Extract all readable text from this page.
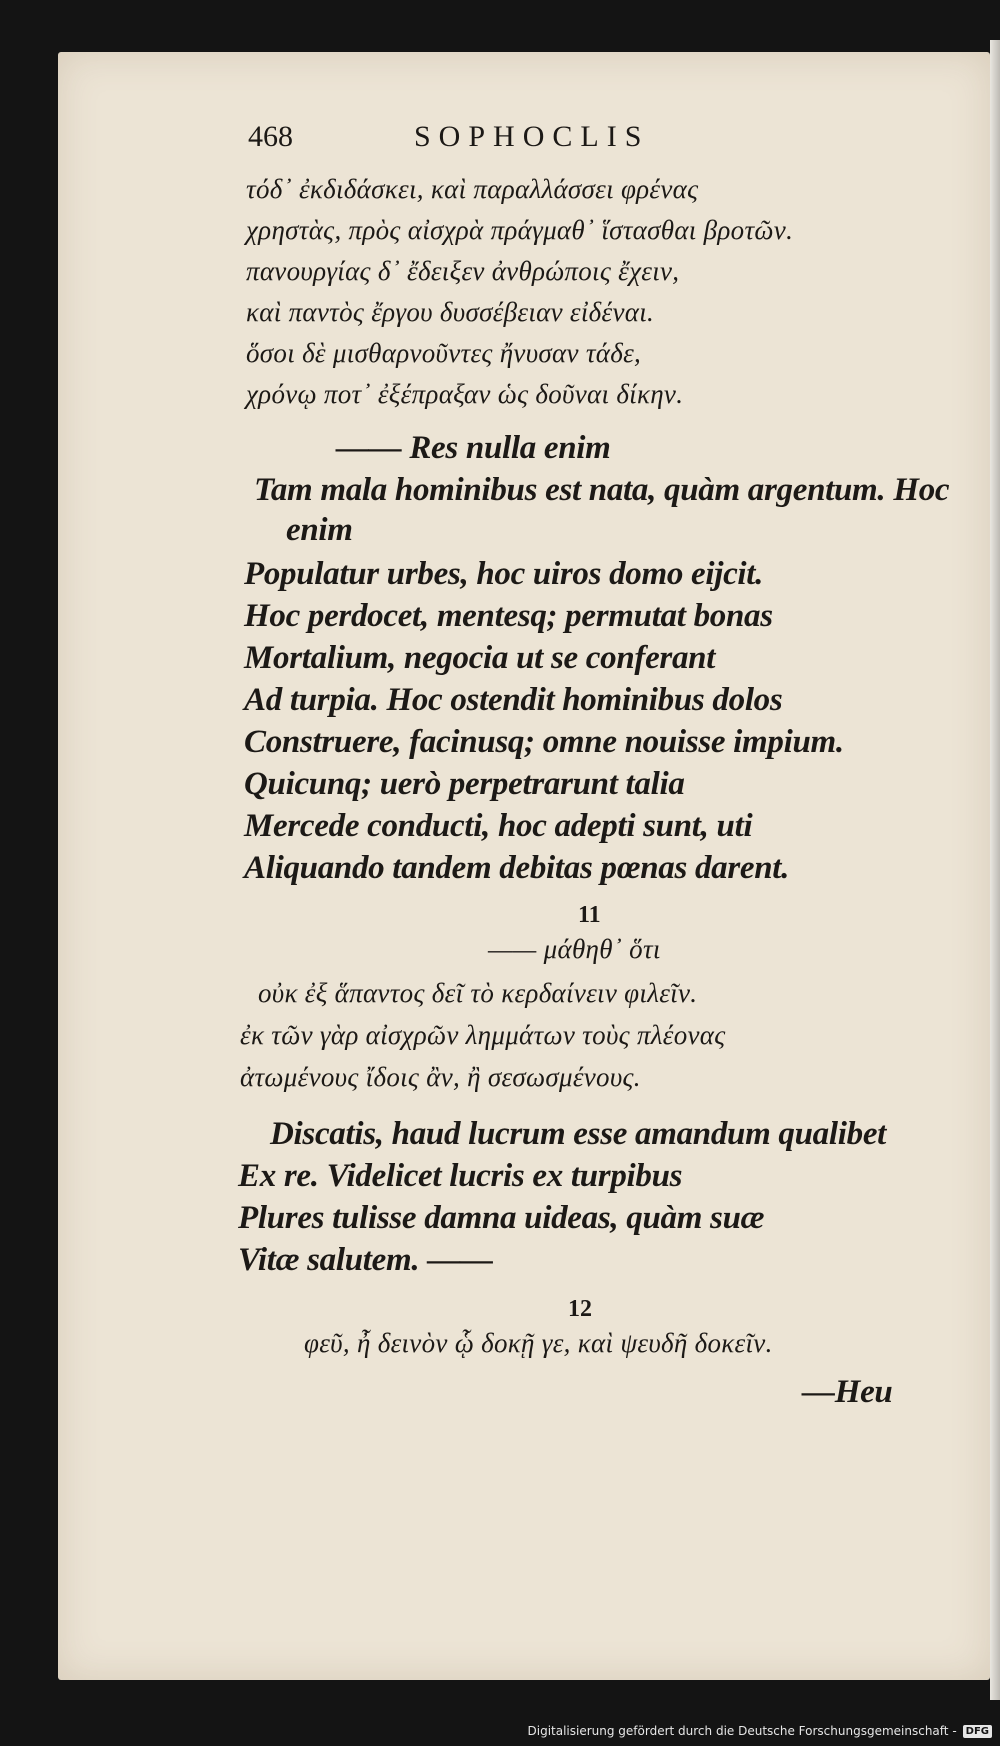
468	SOPHOCLIS
τόδ᾽ ἐκδιδάσκει, καὶ παραλλάσσει φρένας
χρηστὰς, πρὸς αἰσχρὰ πράγμαθ᾽ ἵστασθαι βροτῶν.
πανουργίας δ᾽ ἔδειξεν ἀνθρώποις ἔχειν,
καὶ παντὸς ἔργου δυσσέβειαν εἰδέναι.
ὅσοι δὲ μισθαρνοῦντες ἤνυσαν τάδε,
χρόνῳ ποτ᾽ ἐξέπραξαν ὡς δοῦναι δίκην.
—— Res nulla enim
Tam mala hominibus est nata, quàm argentum. Hoc
enim
Populatur urbes, hoc uiros domo eijcit.
Hoc perdocet, mentesq; permutat bonas
Mortalium, negocia ut se conferant
Ad turpia. Hoc ostendit hominibus dolos
Construere, facinusq; omne nouisse impium.
Quicunq; uerò perpetrarunt talia
Mercede conducti, hoc adepti sunt, uti
Aliquando tandem debitas pœnas darent.
11
—— μάθηθ᾽ ὅτι
οὐκ ἐξ ἅπαντος δεῖ τὸ κερδαίνειν φιλεῖν.
ἐκ τῶν γὰρ αἰσχρῶν λημμάτων τοὺς πλέονας
ἀτωμένους ἴδοις ἂν, ἢ σεσωσμένους.
Discatis, haud lucrum esse amandum qualibet
Ex re. Videlicet lucris ex turpibus
Plures tulisse damna uideas, quàm suæ
Vitæ salutem. ——
12
φεῦ, ἦ δεινὸν ᾧ δοκῇ γε, καὶ ψευδῆ δοκεῖν.
—Heu
Digitalisierung gefördert durch die Deutsche Forschungsgemeinschaft - DFG
